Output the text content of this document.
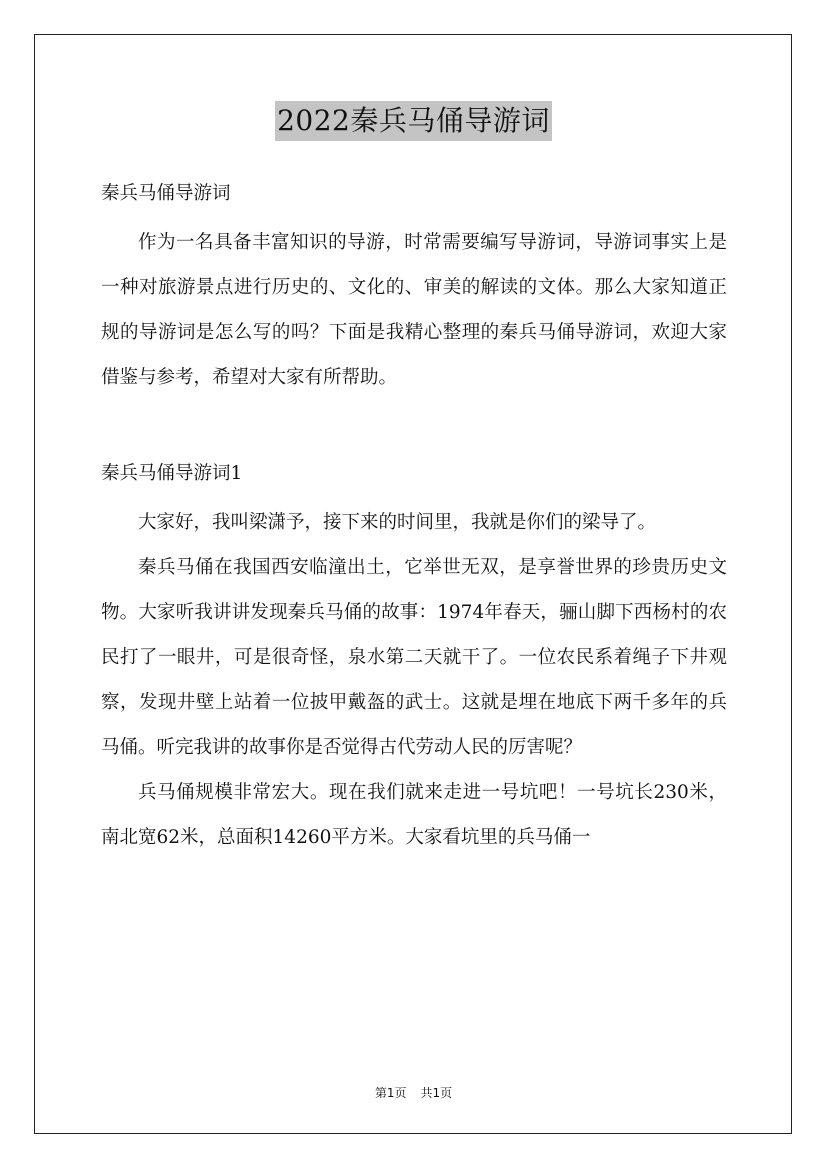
2022秦兵马俑导游词

秦兵马俑导游词

作为一名具备丰富知识的导游，时常需要编写导游词，导游词事实上是一种对旅游景点进行历史的、文化的、审美的解读的文体。那么大家知道正规的导游词是怎么写的吗？下面是我精心整理的秦兵马俑导游词，欢迎大家借鉴与参考，希望对大家有所帮助。

秦兵马俑导游词1

大家好，我叫梁潇予，接下来的时间里，我就是你们的梁导了。

秦兵马俑在我国西安临潼出土，它举世无双，是享誉世界的珍贵历史文物。大家听我讲讲发现秦兵马俑的故事：1974年春天，骊山脚下西杨村的农民打了一眼井，可是很奇怪，泉水第二天就干了。一位农民系着绳子下井观察，发现井壁上站着一位披甲戴盔的武士。这就是埋在地底下两千多年的兵马俑。听完我讲的故事你是否觉得古代劳动人民的厉害呢？

兵马俑规模非常宏大。现在我们就来走进一号坑吧！一号坑长230米，南北宽62米，总面积14260平方米。大家看坑里的兵马俑一

第1页 共1页
